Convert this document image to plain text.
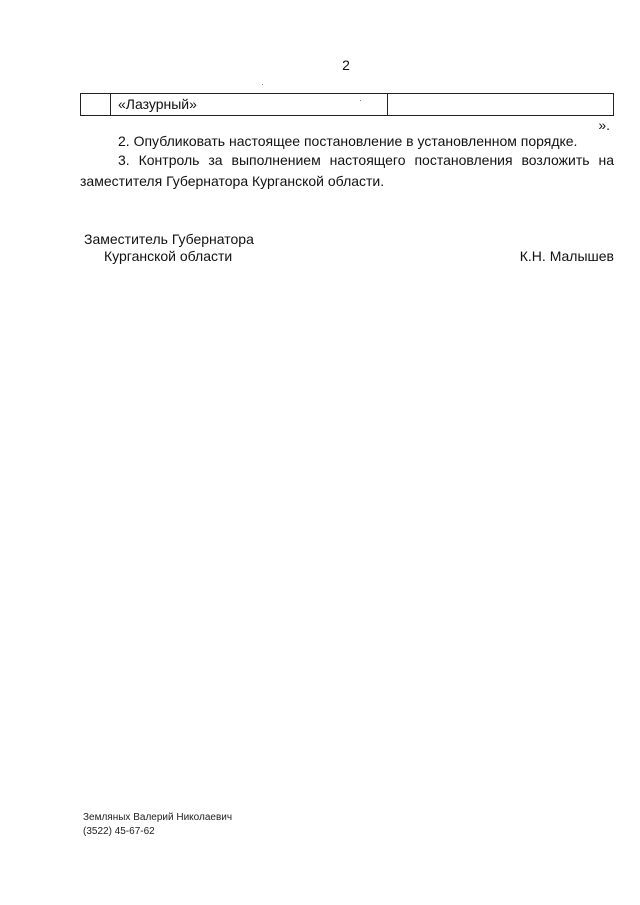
2
«Лазурный»
».
2. Опубликовать настоящее постановление в установленном порядке.
3. Контроль за выполнением настоящего постановления возложить на заместителя Губернатора Курганской области.
Заместитель Губернатора
Курганской области	К.Н. Малышев
Земляных Валерий Николаевич
(3522) 45-67-62
